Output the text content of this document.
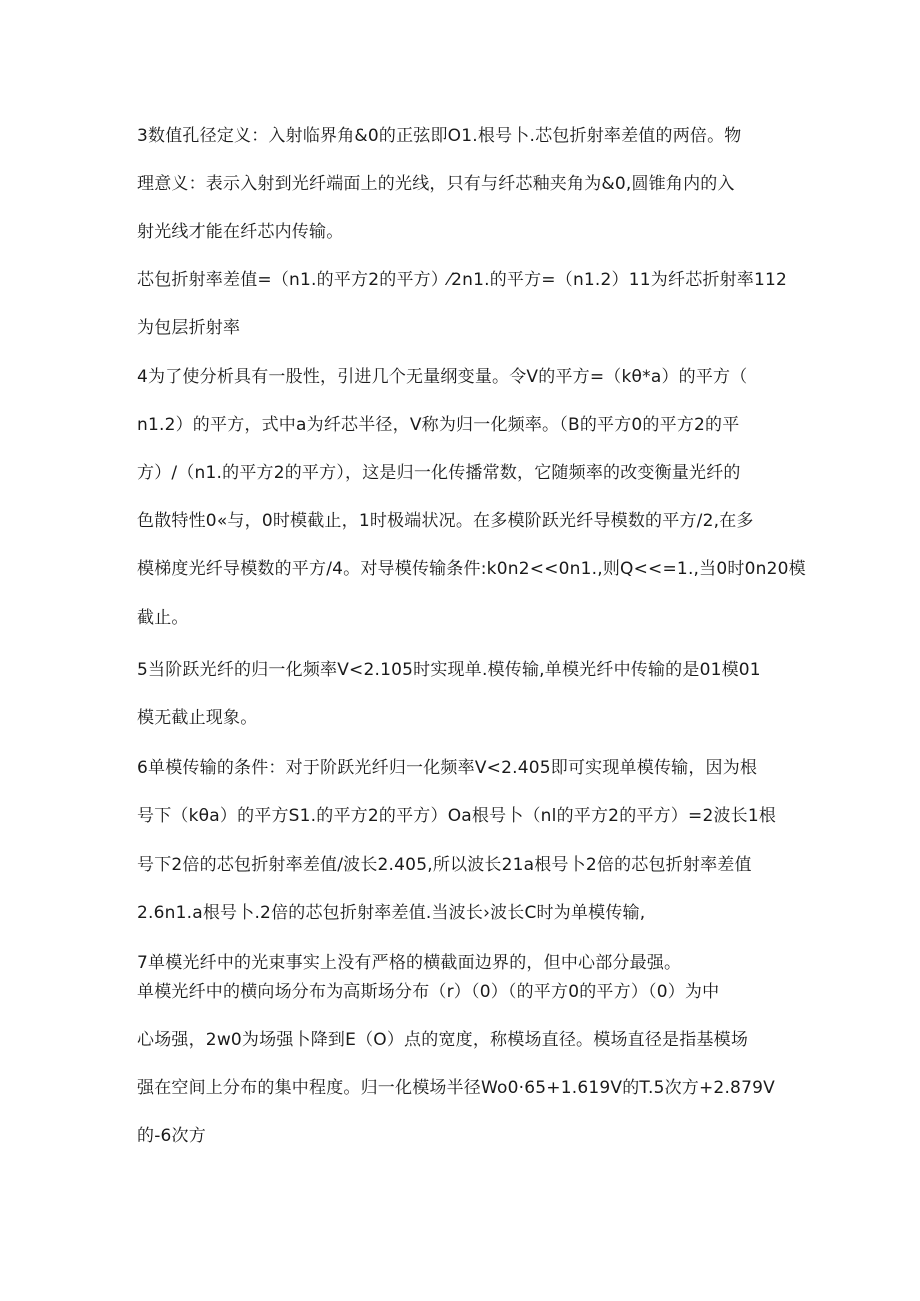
3数值孔径定义：入射临界角&0的正弦即O1.根号卜.芯包折射率差值的两倍。物
理意义：表示入射到光纤端面上的光线，只有与纤芯釉夹角为&0,圆锥角内的入
射光线才能在纤芯内传输。
芯包折射率差值=（n1.的平方2的平方）⁄2n1.的平方=（n1.2）11为纤芯折射率112
为包层折射率
4为了使分析具有一股性，引进几个无量纲变量。令V的平方=（kθ*a）的平方（
n1.2）的平方，式中a为纤芯半径，V称为归一化频率。（B的平方0的平方2的平
方）/（n1.的平方2的平方），这是归一化传播常数，它随频率的改变衡量光纤的
色散特性0«与，0时模截止，1时极端状况。在多模阶跃光纤导模数的平方/2,在多
模梯度光纤导模数的平方/4。对导模传输条件:k0n2<<0n1.,则Q<<=1.,当0时0n20模
截止。
5当阶跃光纤的归一化频率V<2.105时实现单.模传输,单模光纤中传输的是01模01
模无截止现象。
6单模传输的条件：对于阶跃光纤归一化频率V<2.405即可实现单模传输，因为根
号下（kθa）的平方S1.的平方2的平方）Oa根号卜（nl的平方2的平方）=2波长1根
号下2倍的芯包折射率差值/波长2.405,所以波长21a根号卜2倍的芯包折射率差值
2.6n1.a根号卜.2倍的芯包折射率差值.当波长›波长C时为单模传输,
7单模光纤中的光束事实上没有严格的横截面边界的，但中心部分最强。
单模光纤中的横向场分布为高斯场分布（r）（0）（的平方0的平方）（0）为中
心场强，2w0为场强卜降到E（O）点的宽度，称模场直径。模场直径是指基模场
强在空间上分布的集中程度。归一化模场半径Wo0·65+1.619V的T.5次方+2.879V
的-6次方
